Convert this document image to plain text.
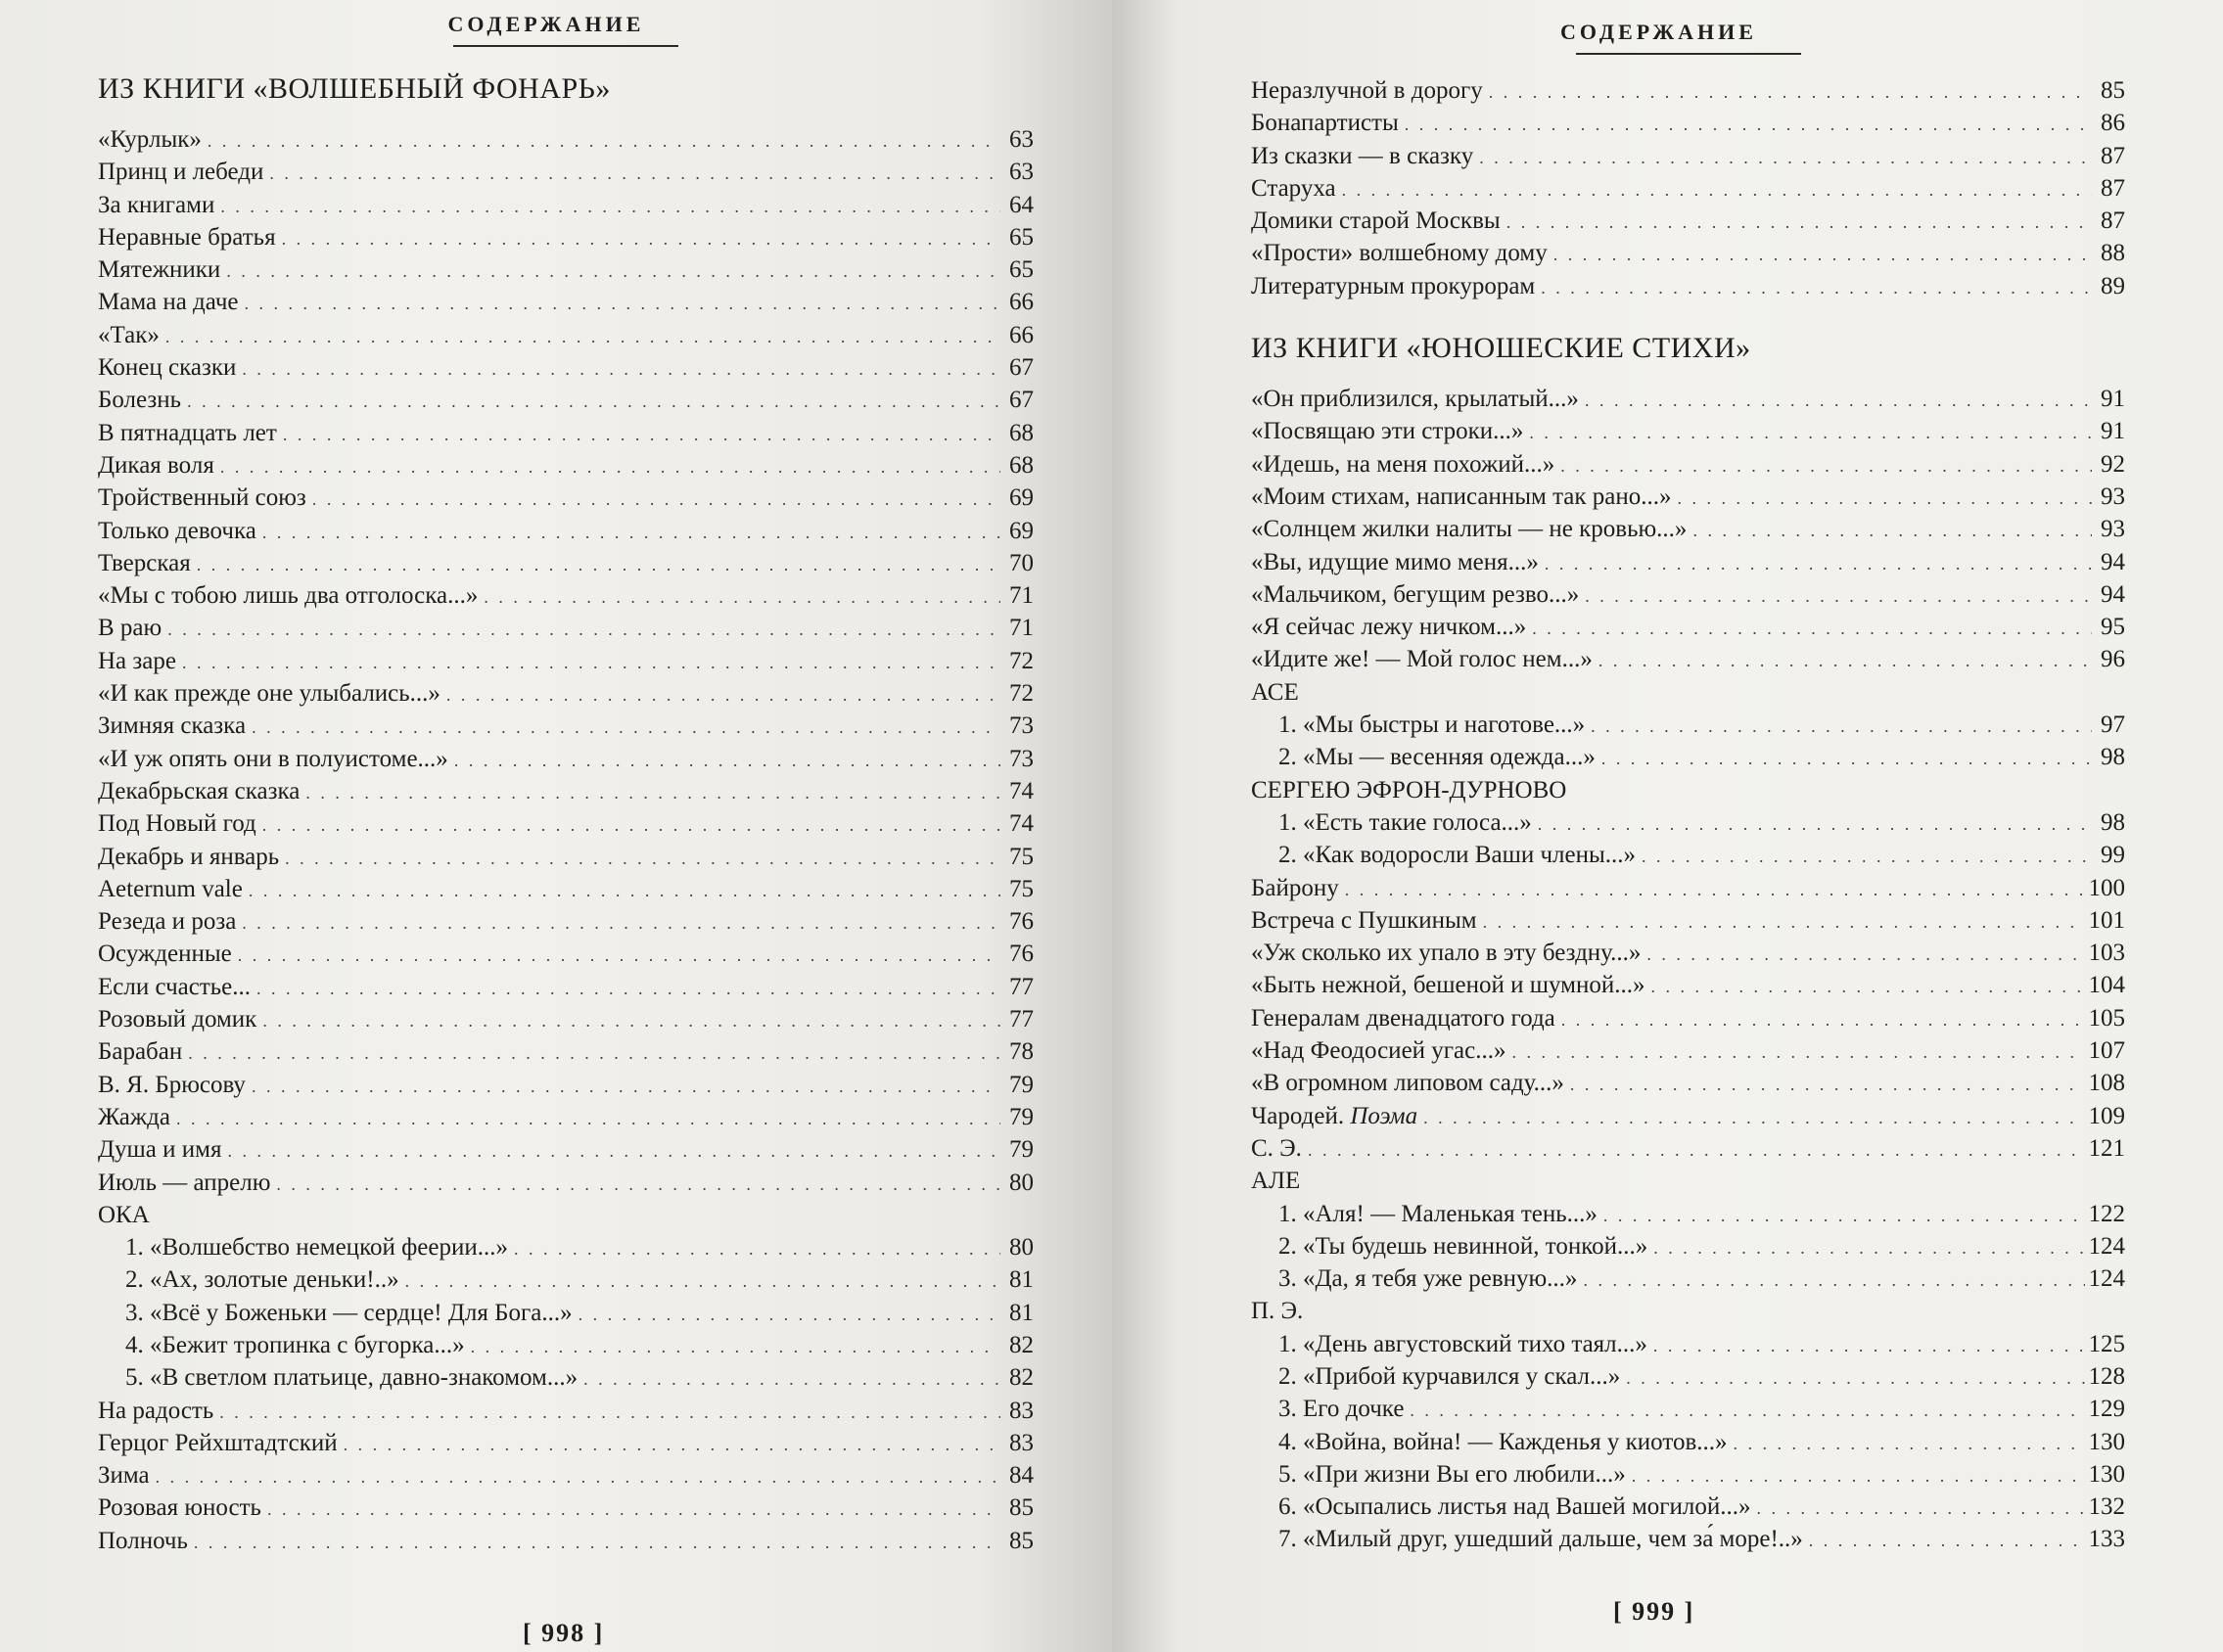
СОДЕРЖАНИЕ
ИЗ КНИГИ «ВОЛШЕБНЫЙ ФОНАРЬ»
«Курлык» . . .	63
Принц и лебеди . . .	63
За книгами . . .	64
Неравные братья . . .	65
Мятежники . . .	65
Мама на даче . . .	66
«Так» . . .	66
Конец сказки . . .	67
Болезнь . . .	67
В пятнадцать лет . . .	68
Дикая воля . . .	68
Тройственный союз . . .	69
Только девочка . . .	69
Тверская . . .	70
«Мы с тобою лишь два отголоска...» . . .	71
В раю . . .	71
На заре . . .	72
«И как прежде оне улыбались...» . . .	72
Зимняя сказка . . .	73
«И уж опять они в полуистоме...» . . .	73
Декабрьская сказка . . .	74
Под Новый год . . .	74
Декабрь и январь . . .	75
Aeternum vale . . .	75
Резеда и роза . . .	76
Осужденные . . .	76
Если счастье... . . .	77
Розовый домик . . .	77
Барабан . . .	78
В. Я. Брюсову . . .	79
Жажда . . .	79
Душа и имя . . .	79
Июль — апрелю . . .	80
ОКА
1. «Волшебство немецкой феерии...» . . .	80
2. «Ах, золотые деньки!..» . . .	81
3. «Всё у Боженьки — сердце! Для Бога...» . . .	81
4. «Бежит тропинка с бугорка...» . . .	82
5. «В светлом платьице, давно-знакомом...» . . .	82
На радость . . .	83
Герцог Рейхштадтский . . .	83
Зима . . .	84
Розовая юность . . .	85
Полночь . . .	85
[ 998 ]
СОДЕРЖАНИЕ
Неразлучной в дорогу . . .	85
Бонапартисты . . .	86
Из сказки — в сказку . . .	87
Старуха . . .	87
Домики старой Москвы . . .	87
«Прости» волшебному дому . . .	88
Литературным прокурорам . . .	89
ИЗ КНИГИ «ЮНОШЕСКИЕ СТИХИ»
«Он приблизился, крылатый...» . . .	91
«Посвящаю эти строки...» . . .	91
«Идешь, на меня похожий...» . . .	92
«Моим стихам, написанным так рано...» . . .	93
«Солнцем жилки налиты — не кровью...» . . .	93
«Вы, идущие мимо меня...» . . .	94
«Мальчиком, бегущим резво...» . . .	94
«Я сейчас лежу ничком...» . . .	95
«Идите же! — Мой голос нем...» . . .	96
АСЕ
1. «Мы быстры и наготове...» . . .	97
2. «Мы — весенняя одежда...» . . .	98
СЕРГЕЮ ЭФРОН-ДУРНОВО
1. «Есть такие голоса...» . . .	98
2. «Как водоросли Ваши члены...» . . .	99
Байрону . . .	100
Встреча с Пушкиным . . .	101
«Уж сколько их упало в эту бездну...» . . .	103
«Быть нежной, бешеной и шумной...» . . .	104
Генералам двенадцатого года . . .	105
«Над Феодосией угас...» . . .	107
«В огромном липовом саду...» . . .	108
Чародей. Поэма . . .	109
С. Э. . . .	121
АЛЕ
1. «Аля! — Маленькая тень...» . . .	122
2. «Ты будешь невинной, тонкой...» . . .	124
3. «Да, я тебя уже ревную...» . . .	124
П. Э.
1. «День августовский тихо таял...» . . .	125
2. «Прибой курчавился у скал...» . . .	128
3. Его дочке . . .	129
4. «Война, война! — Кажденья у киотов...» . . .	130
5. «При жизни Вы его любили...» . . .	130
6. «Осыпались листья над Вашей могилой...» . . .	132
7. «Милый друг, ушедший дальше, чем за́ море!..» . . .	133
[ 999 ]
